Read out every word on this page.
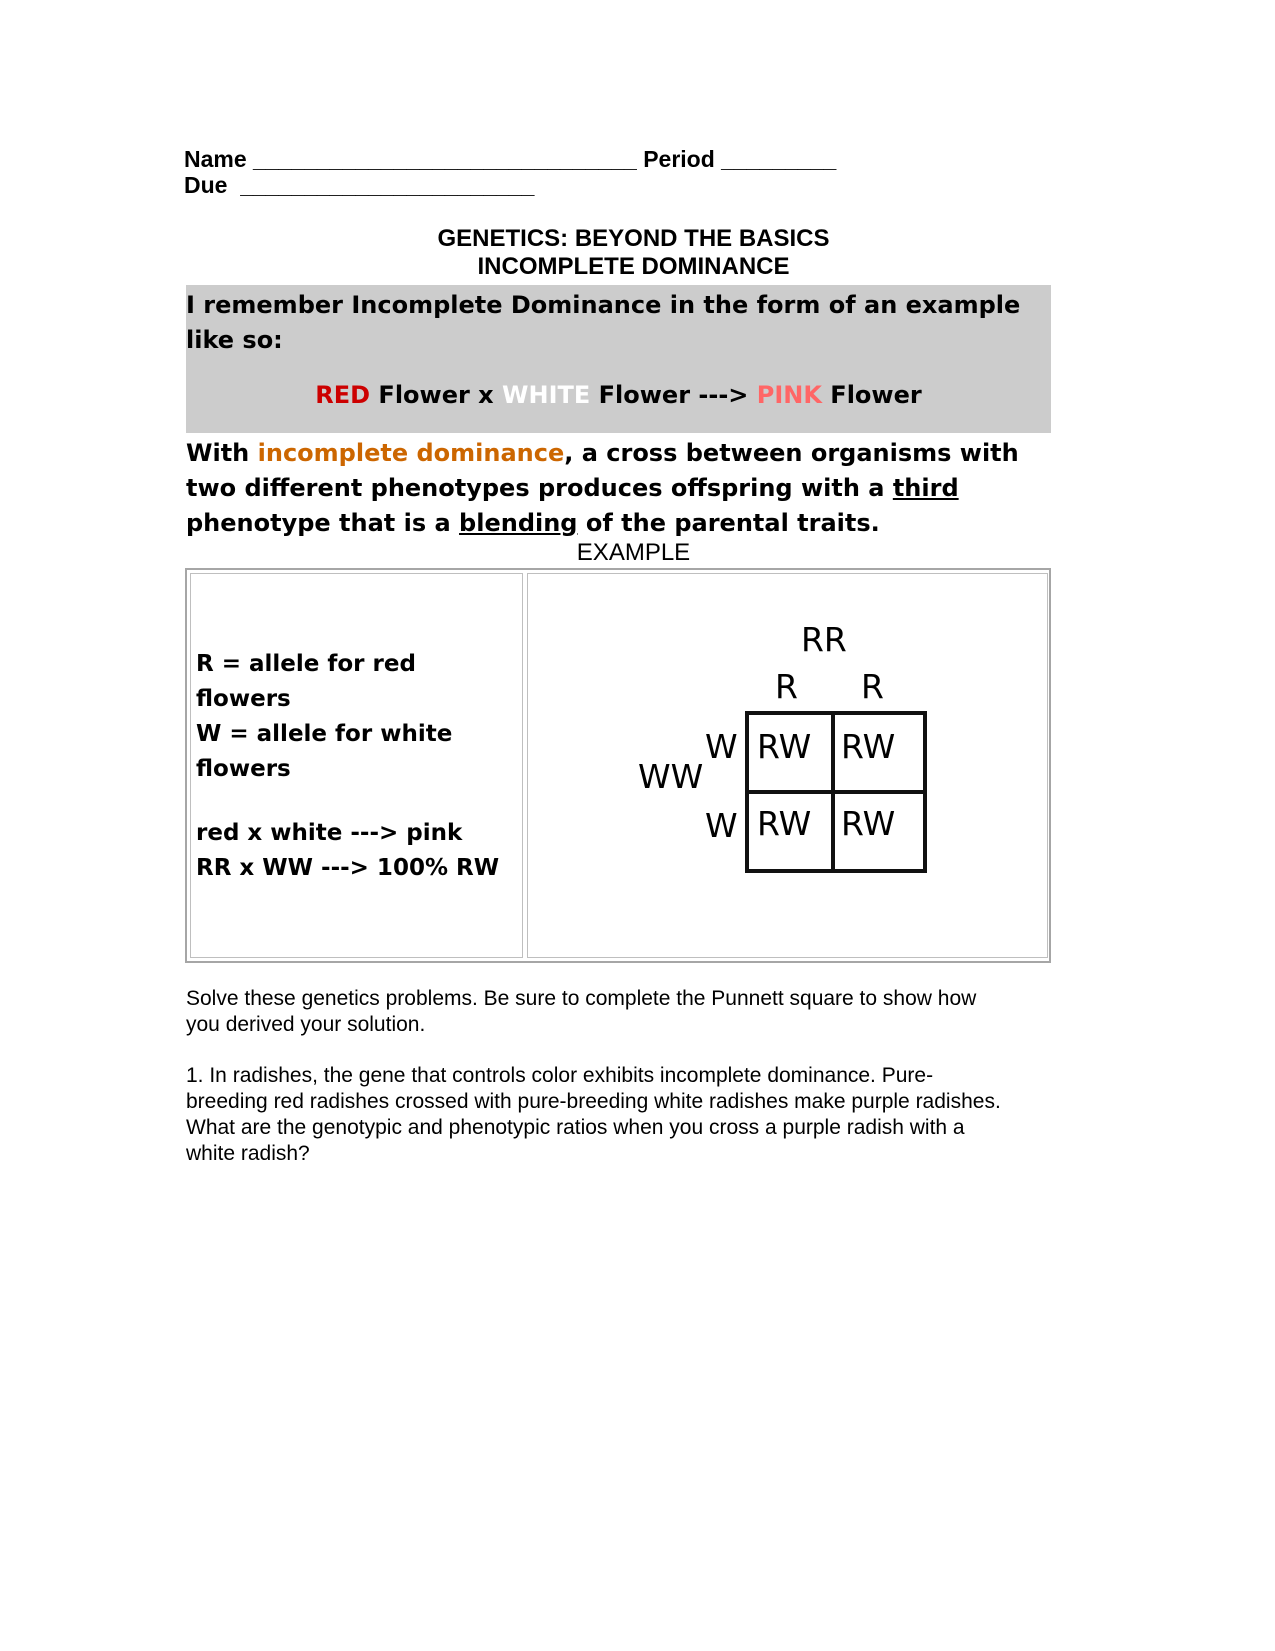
Name ______________________________ Period _________
Due _______________________
GENETICS: BEYOND THE BASICS
INCOMPLETE DOMINANCE
I remember Incomplete Dominance in the form of an example
like so:
RED Flower x WHITE Flower ---> PINK Flower
With incomplete dominance, a cross between organisms with two different phenotypes produces offspring with a third phenotype that is a blending of the parental traits.
EXAMPLE
R = allele for red
flowers
W = allele for white
flowers
red x white ---> pink
RR x WW ---> 100% RW
RR
R R
WW
W
W
RW RW
RW RW
Solve these genetics problems. Be sure to complete the Punnett square to show how
you derived your solution.
1. In radishes, the gene that controls color exhibits incomplete dominance. Pure-
breeding red radishes crossed with pure-breeding white radishes make purple radishes.
What are the genotypic and phenotypic ratios when you cross a purple radish with a
white radish?
